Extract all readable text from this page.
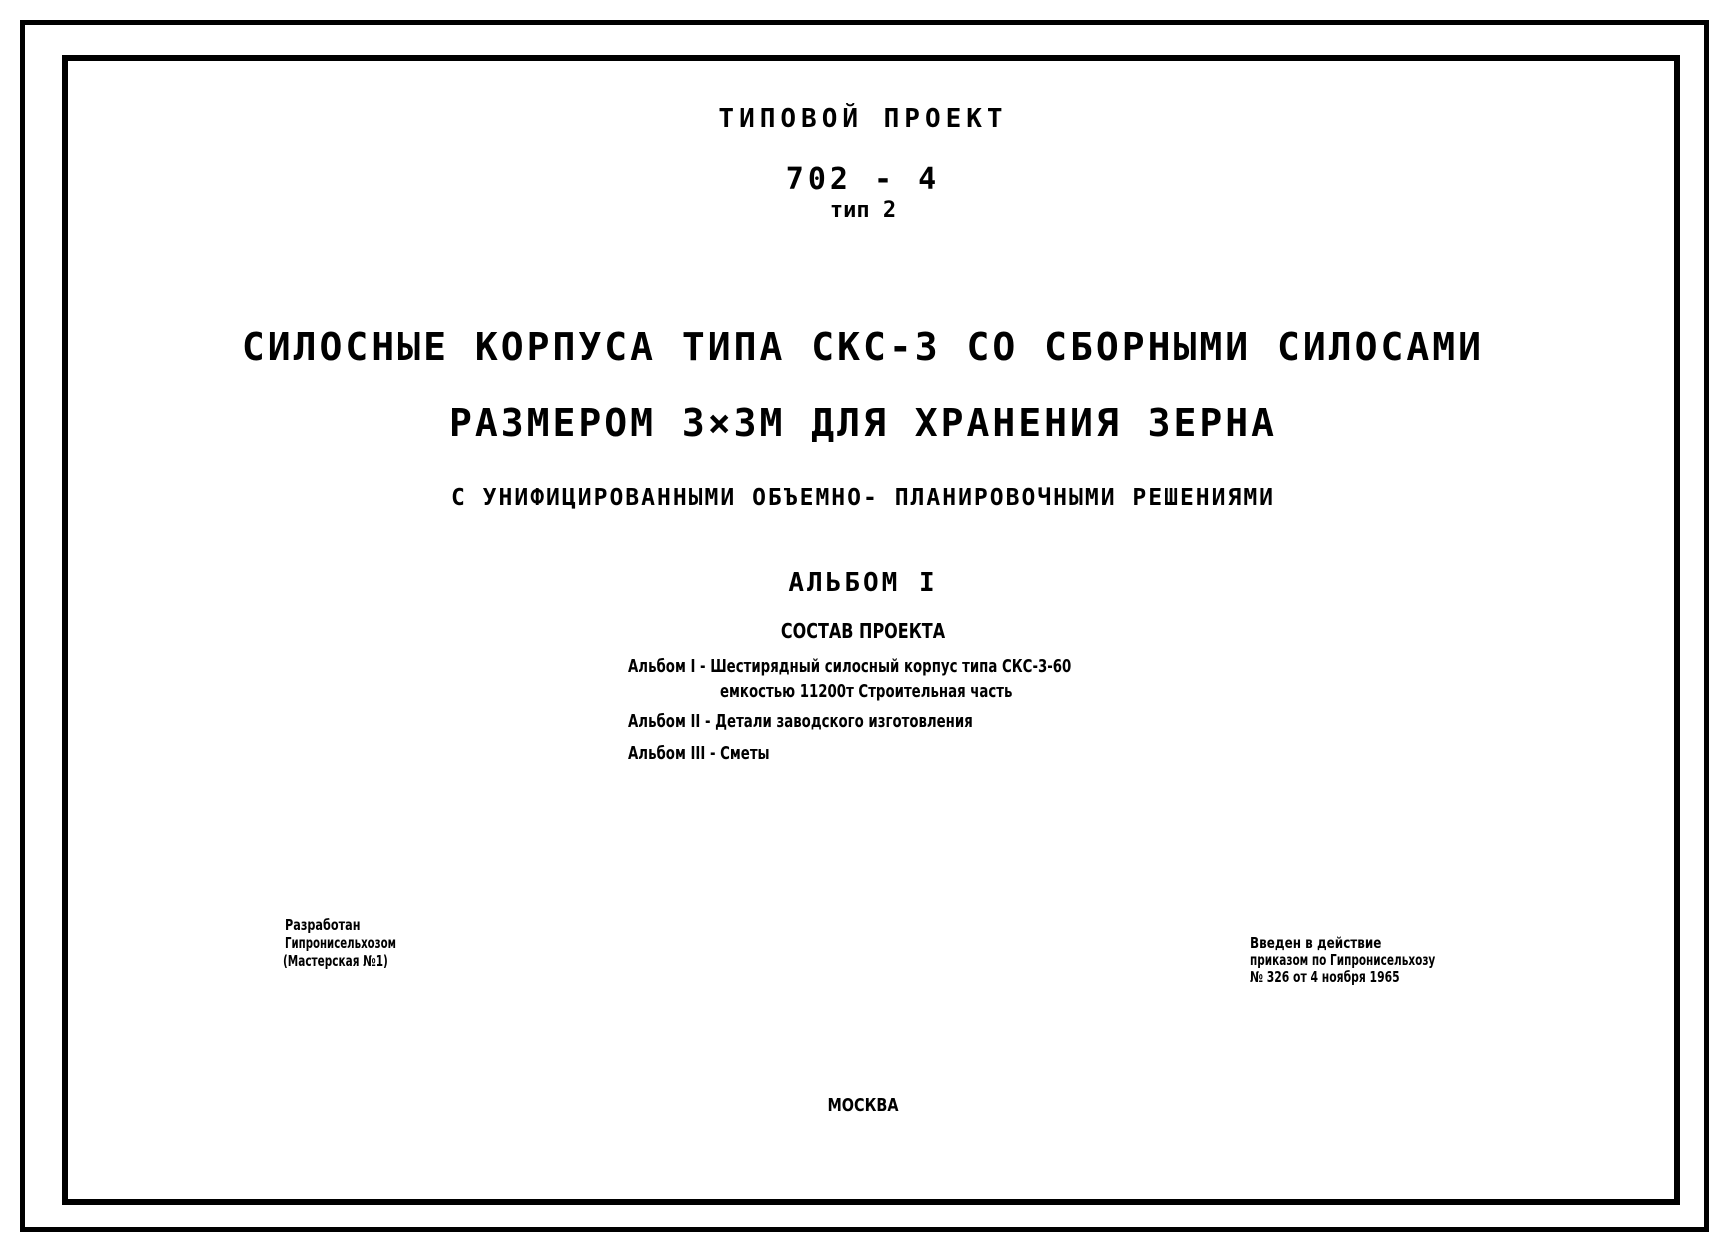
ТИПОВОЙ ПРОЕКТ
702 - 4
тип 2
СИЛОСНЫЕ КОРПУСА ТИПА СКС-3 СО СБОРНЫМИ СИЛОСАМИ
РАЗМЕРОМ 3×3М ДЛЯ ХРАНЕНИЯ ЗЕРНА
С УНИФИЦИРОВАННЫМИ ОБЪЕМНО- ПЛАНИРОВОЧНЫМИ РЕШЕНИЯМИ
АЛЬБОМ I
СОСТАВ ПРОЕКТА
Альбом I - Шестирядный силосный корпус типа СКС-3-60
емкостью 11200т Строительная часть
Альбом II - Детали заводского изготовления
Альбом III - Сметы
Разработан
Гипронисельхозом
(Мастерская №1)
Введен в действие
приказом по Гипронисельхозу
№ 326 от 4 ноября 1965
МОСКВА
